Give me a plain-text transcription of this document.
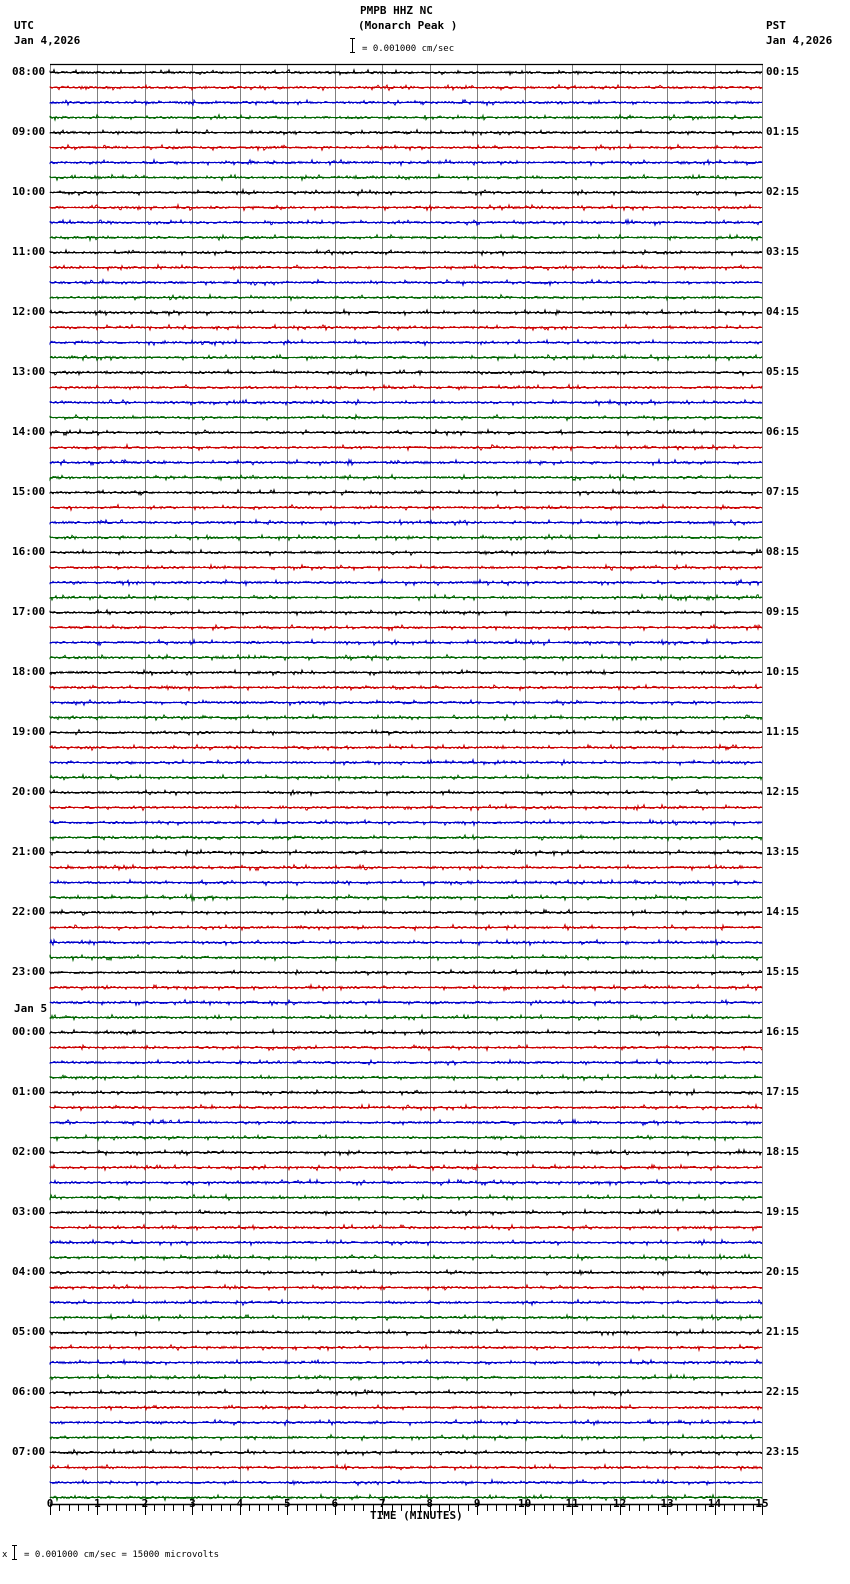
UTC
Jan 4,2026
PMPB HHZ NC
(Monarch Peak )	PST
Jan 4,2026
= 0.001000 cm/sec
08:00
09:00
10:00
11:00
12:00
13:00
14:00
15:00
16:00
17:00
18:00
19:00
20:00
21:00
22:00
23:00
00:00
01:00
02:00
03:00
04:00
05:00
06:00
07:00
00:15
01:15
02:15
03:15
04:15
05:15
06:15
07:15
08:15
09:15
10:15
11:15
12:15
13:15
14:15
15:15
16:15
17:15
18:15
19:15
20:15
21:15
22:15
23:15
0	1	2	3	4	5	6	7	8	9	10	11	12	13	14	15
Jan 5
TIME (MINUTES)
x = 0.001000 cm/sec = 15000 microvolts
